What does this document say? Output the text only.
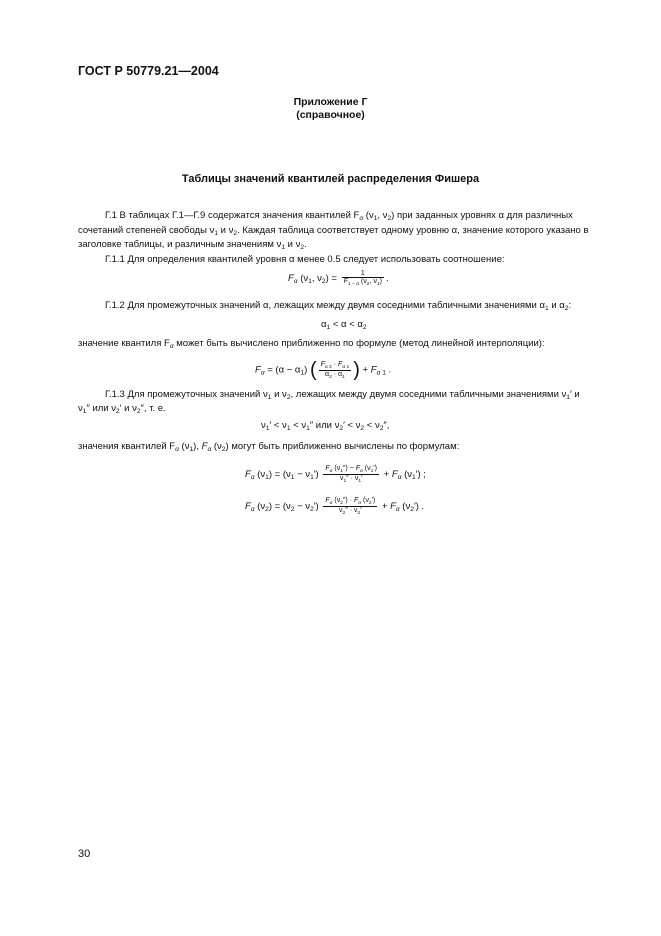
ГОСТ Р 50779.21—2004
Приложение Г
(справочное)
Таблицы значений квантилей распределения Фишера
Г.1 В таблицах Г.1—Г.9 содержатся значения квантилей $F_\alpha$ ($\nu_1$, $\nu_2$) при заданных уровнях α для различных
сочетаний степеней свободы $\nu_1$ и $\nu_2$. Каждая таблица соответствует одному уровню α, значение которого указано в
заголовке таблицы, и различным значениям $\nu_1$ и $\nu_2$.
Г.1.1 Для определения квантилей уровня α менее 0.5 следует использовать соотношение:
$F_\alpha$ ($\nu_1$, $\nu_2) = \frac{1}{F_{1 - \alpha} (\nu_2, \nu_1)}$ .
Г.1.2 Для промежуточных значений α, лежащих между двумя соседними табличными значениями $\alpha_1$ и $\alpha_2$:
$\alpha_1 < \alpha < \alpha_2$
значение квантиля $F_\alpha$ может быть вычислено приближенно по формуле (метод линейной интерполяции):
$F_\alpha = (\alpha - \alpha_1)$ ( $\frac{F_{\alpha 2} \cdot F_{\alpha 1}}{\alpha_2 \cdot \alpha_1}$ ) + $F_{\alpha 1}$ .
Г.1.3 Для промежуточных значений $\nu_1$ и $\nu_2$, лежащих между двумя соседними табличными значениями $\nu_1'$ и
$\nu_1''$ или $\nu_2'$ и $\nu_2''$, т. е.
$\nu_1' < \nu_1 < \nu_1''$ или $\nu_2' < \nu_2 < \nu_2''$,
значения квантилей $F_\alpha$ $(\nu_1)$, $F_\alpha$ $(\nu_2)$ могут быть приближенно вычислены по формулам:
$F_\alpha$ $(\nu_1) = (\nu_1 - \nu_1') \frac{F_\alpha (\nu_1'') - F_\alpha (\nu_1')}{\nu_1'' \cdot \nu_1'} + F_\alpha$ $(\nu_1')$ ;
$F_\alpha$ $(\nu_2) = (\nu_2 - \nu_2') \frac{F_\alpha (\nu_2'') \cdot F_\alpha (\nu_2')}{\nu_2'' \cdot \nu_2'} + F_\alpha$ $(\nu_2')$ .
30
